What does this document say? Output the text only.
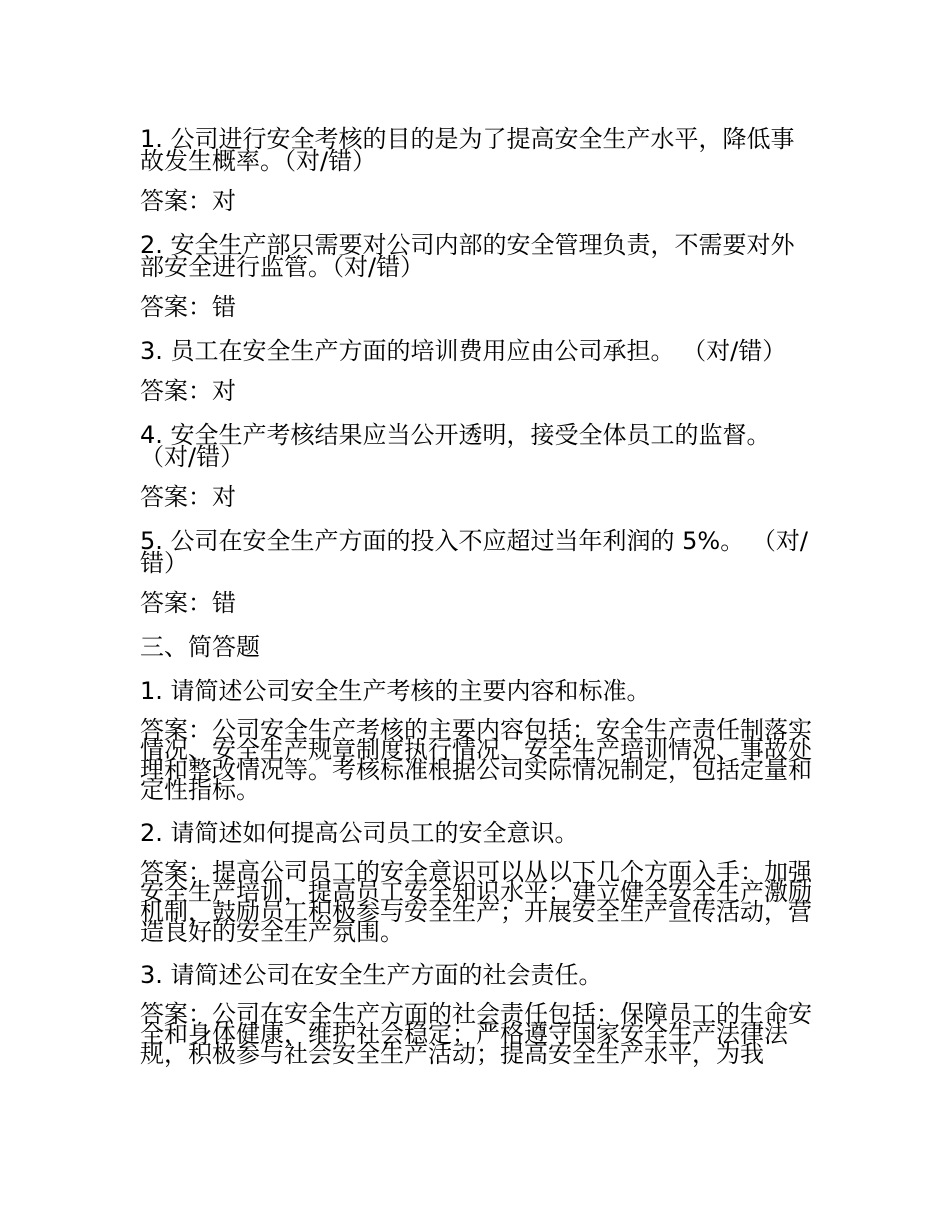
1. 公司进行安全考核的目的是为了提高安全生产水平，降低事故发生概率。（对/错）

答案：对

2. 安全生产部只需要对公司内部的安全管理负责，不需要对外部安全进行监管。（对/错）

答案：错

3. 员工在安全生产方面的培训费用应由公司承担。 （对/错）

答案：对

4. 安全生产考核结果应当公开透明，接受全体员工的监督。 （对/错）

答案：对

5. 公司在安全生产方面的投入不应超过当年利润的 5%。 （对/错）

答案：错

三、简答题

1. 请简述公司安全生产考核的主要内容和标准。

答案：公司安全生产考核的主要内容包括：安全生产责任制落实情况、安全生产规章制度执行情况、安全生产培训情况、事故处理和整改情况等。考核标准根据公司实际情况制定，包括定量和定性指标。

2. 请简述如何提高公司员工的安全意识。

答案：提高公司员工的安全意识可以从以下几个方面入手：加强安全生产培训，提高员工安全知识水平；建立健全安全生产激励机制，鼓励员工积极参与安全生产；开展安全生产宣传活动，营造良好的安全生产氛围。

3. 请简述公司在安全生产方面的社会责任。

答案：公司在安全生产方面的社会责任包括：保障员工的生命安全和身体健康，维护社会稳定；严格遵守国家安全生产法律法规，积极参与社会安全生产活动；提高安全生产水平，为我
